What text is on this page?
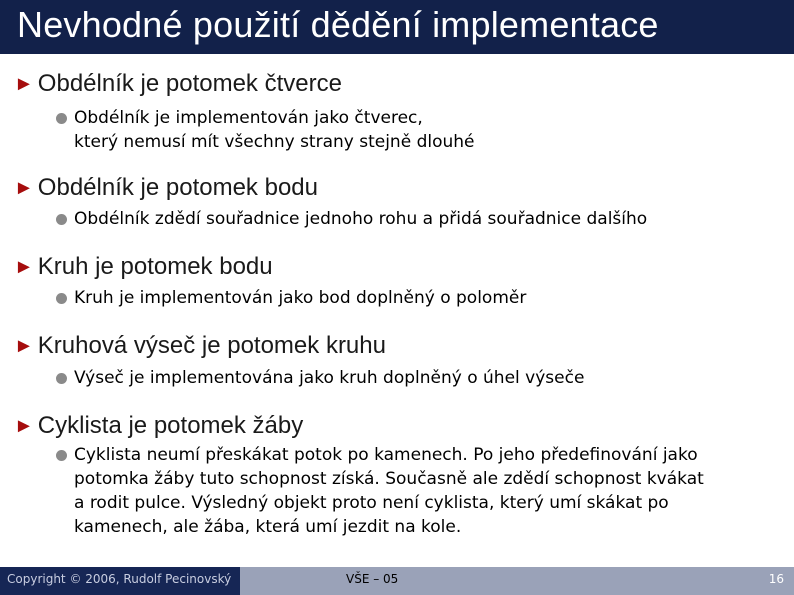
Nevhodné použití dědění implementace
► Obdélník je potomek čtverce
Obdélník je implementován jako čtverec,
který nemusí mít všechny strany stejně dlouhé
► Obdélník je potomek bodu
Obdélník zdědí souřadnice jednoho rohu a přidá souřadnice dalšího
► Kruh je potomek bodu
Kruh je implementován jako bod doplněný o poloměr
► Kruhová výseč je potomek kruhu
Výseč je implementována jako kruh doplněný o úhel výseče
► Cyklista je potomek žáby
Cyklista neumí přeskákat potok po kamenech. Po jeho předefinování jako
potomka žáby tuto schopnost získá. Současně ale zdědí schopnost kvákat
a rodit pulce. Výsledný objekt proto není cyklista, který umí skákat po
kamenech, ale žába, která umí jezdit na kole.
Copyright © 2006, Rudolf Pecinovský	VŠE – 05	16
